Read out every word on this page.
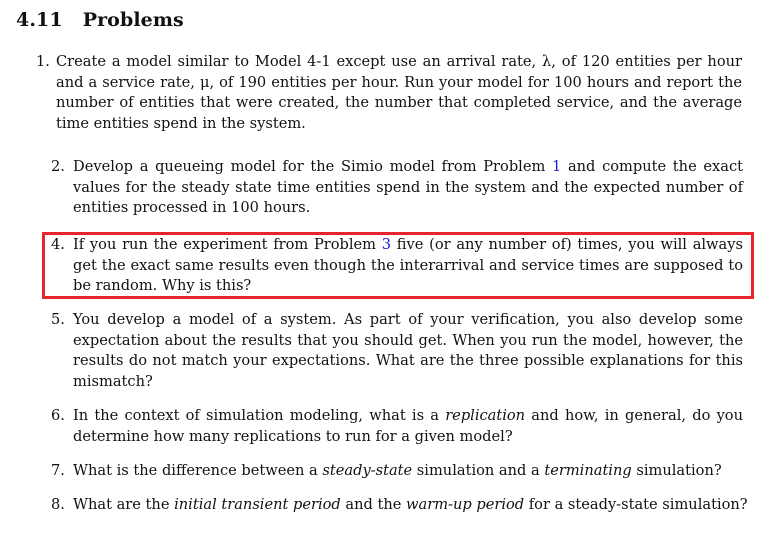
4.11 Problems
1. Create a model similar to Model 4-1 except use an arrival rate, λ, of 120 entities per hour
and a service rate, μ, of 190 entities per hour. Run your model for 100 hours and report the
number of entities that were created, the number that completed service, and the average
time entities spend in the system.
2. Develop a queueing model for the Simio model from Problem 1 and compute the exact
values for the steady state time entities spend in the system and the expected number of
entities processed in 100 hours.
4. If you run the experiment from Problem 3 five (or any number of) times, you will always
get the exact same results even though the interarrival and service times are supposed to
be random. Why is this?
5. You develop a model of a system. As part of your verification, you also develop some
expectation about the results that you should get. When you run the model, however, the
results do not match your expectations. What are the three possible explanations for this
mismatch?
6. In the context of simulation modeling, what is a replication and how, in general, do you
determine how many replications to run for a given model?
7. What is the difference between a steady-state simulation and a terminating simulation?
8. What are the initial transient period and the warm-up period for a steady-state simulation?
